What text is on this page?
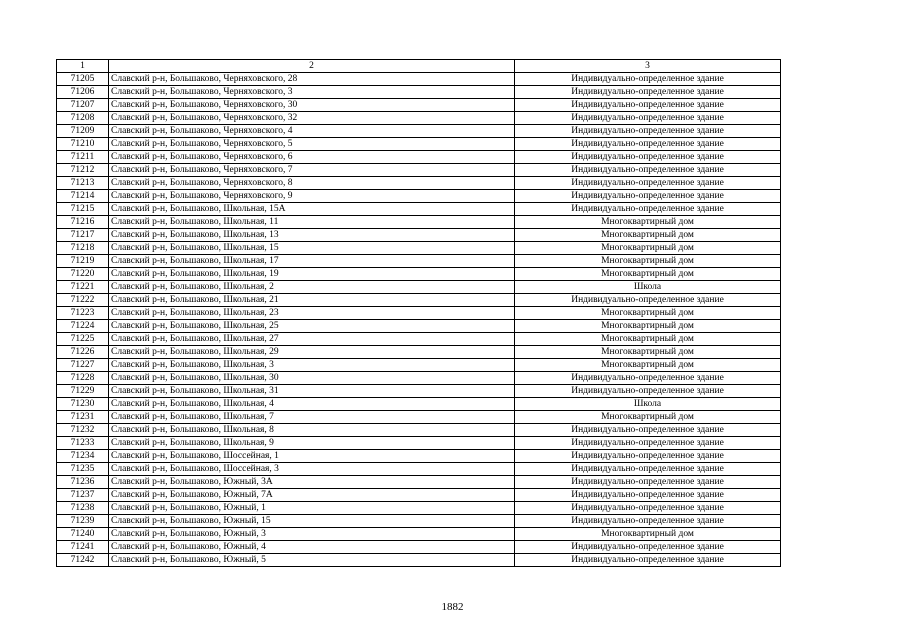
1	2	3
71205	Славский р-н, Большаково, Черняховского, 28	Индивидуально-определенное здание
71206	Славский р-н, Большаково, Черняховского, 3	Индивидуально-определенное здание
71207	Славский р-н, Большаково, Черняховского, 30	Индивидуально-определенное здание
71208	Славский р-н, Большаково, Черняховского, 32	Индивидуально-определенное здание
71209	Славский р-н, Большаково, Черняховского, 4	Индивидуально-определенное здание
71210	Славский р-н, Большаково, Черняховского, 5	Индивидуально-определенное здание
71211	Славский р-н, Большаково, Черняховского, 6	Индивидуально-определенное здание
71212	Славский р-н, Большаково, Черняховского, 7	Индивидуально-определенное здание
71213	Славский р-н, Большаково, Черняховского, 8	Индивидуально-определенное здание
71214	Славский р-н, Большаково, Черняховского, 9	Индивидуально-определенное здание
71215	Славский р-н, Большаково, Школьная, 15А	Индивидуально-определенное здание
71216	Славский р-н, Большаково, Школьная, 11	Многоквартирный дом
71217	Славский р-н, Большаково, Школьная, 13	Многоквартирный дом
71218	Славский р-н, Большаково, Школьная, 15	Многоквартирный дом
71219	Славский р-н, Большаково, Школьная, 17	Многоквартирный дом
71220	Славский р-н, Большаково, Школьная, 19	Многоквартирный дом
71221	Славский р-н, Большаково, Школьная, 2	Школа
71222	Славский р-н, Большаково, Школьная, 21	Индивидуально-определенное здание
71223	Славский р-н, Большаково, Школьная, 23	Многоквартирный дом
71224	Славский р-н, Большаково, Школьная, 25	Многоквартирный дом
71225	Славский р-н, Большаково, Школьная, 27	Многоквартирный дом
71226	Славский р-н, Большаково, Школьная, 29	Многоквартирный дом
71227	Славский р-н, Большаково, Школьная, 3	Многоквартирный дом
71228	Славский р-н, Большаково, Школьная, 30	Индивидуально-определенное здание
71229	Славский р-н, Большаково, Школьная, 31	Индивидуально-определенное здание
71230	Славский р-н, Большаково, Школьная, 4	Школа
71231	Славский р-н, Большаково, Школьная, 7	Многоквартирный дом
71232	Славский р-н, Большаково, Школьная, 8	Индивидуально-определенное здание
71233	Славский р-н, Большаково, Школьная, 9	Индивидуально-определенное здание
71234	Славский р-н, Большаково, Шоссейная, 1	Индивидуально-определенное здание
71235	Славский р-н, Большаково, Шоссейная, 3	Индивидуально-определенное здание
71236	Славский р-н, Большаково, Южный, 3А	Индивидуально-определенное здание
71237	Славский р-н, Большаково, Южный, 7А	Индивидуально-определенное здание
71238	Славский р-н, Большаково, Южный, 1	Индивидуально-определенное здание
71239	Славский р-н, Большаково, Южный, 15	Индивидуально-определенное здание
71240	Славский р-н, Большаково, Южный, 3	Многоквартирный дом
71241	Славский р-н, Большаково, Южный, 4	Индивидуально-определенное здание
71242	Славский р-н, Большаково, Южный, 5	Индивидуально-определенное здание
1882
